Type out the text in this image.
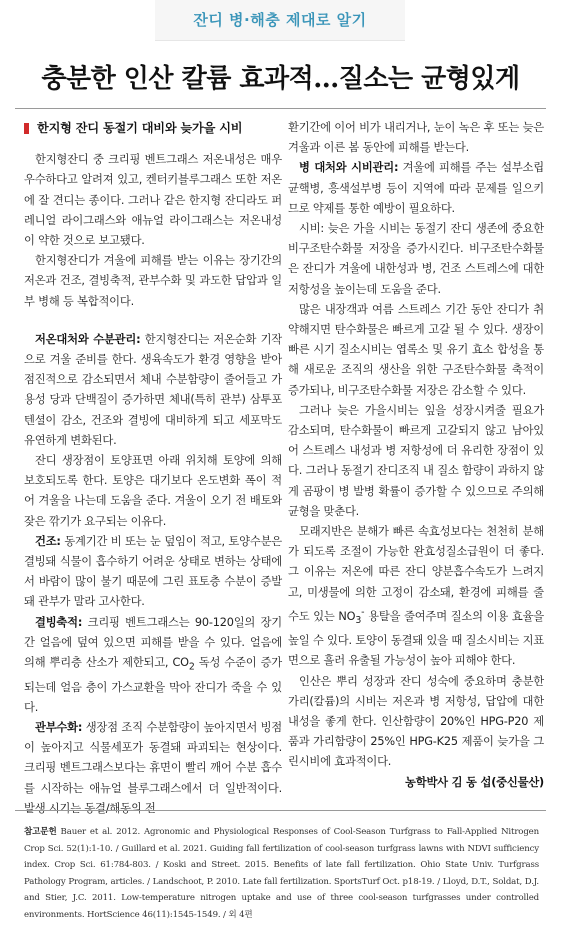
잔디 병·해충 제대로 알기
충분한 인산 칼륨 효과적…질소는 균형있게
한지형 잔디 동절기 대비와 늦가을 시비

한지형잔디 중 크리핑 벤트그래스 저온내성은 매우 우수하다고 알려져 있고, 켄터키블루그래스 또한 저온에 잘 견디는 종이다. 그러나 같은 한지형 잔디라도 퍼레니얼 라이그래스와 애뉴얼 라이그래스는 저온내성이 약한 것으로 보고됐다.

한지형잔디가 겨울에 피해를 받는 이유는 장기간의 저온과 건조, 결빙축적, 관부수화 및 과도한 답압과 일부 병해 등 복합적이다.

저온대처와 수분관리: 한지형잔디는 저온순화 기작으로 겨울 준비를 한다. 생육속도가 환경 영향을 받아 점진적으로 감소되면서 체내 수분함량이 줄어들고 가용성 당과 단백질이 증가하면 체내(특히 관부) 삼투포텐셜이 감소, 건조와 결빙에 대비하게 되고 세포막도 유연하게 변화된다.

잔디 생장점이 토양표면 아래 위치해 토양에 의해 보호되도록 한다. 토양은 대기보다 온도변화 폭이 적어 겨울을 나는데 도움을 준다. 겨울이 오기 전 배토와 잦은 깎기가 요구되는 이유다.

건조: 동계기간 비 또는 눈 덮임이 적고, 토양수분은 결빙돼 식물이 흡수하기 어려운 상태로 변하는 상태에서 바람이 많이 불기 때문에 그린 표토층 수분이 증발돼 관부가 말라 고사한다.

결빙축적: 크리핑 벤트그래스는 90-120일의 장기간 얼음에 덮여 있으면 피해를 받을 수 있다. 얼음에 의해 뿌리층 산소가 제한되고, $CO_2$ 독성 수준이 증가되는데 얼음 층이 가스교환을 막아 잔디가 죽을 수 있다.

관부수화: 생장점 조직 수분함량이 높아지면서 빙점이 높아지고 식물세포가 동결돼 파괴되는 현상이다. 크리핑 벤트그래스보다는 휴면이 빨리 깨어 수분 흡수를 시작하는 애뉴얼 블루그래스에서 더 일반적이다. 발생 시기는 동결/해동의 전

환기간에 이어 비가 내리거나, 눈이 녹은 후 또는 늦은 겨울과 이른 봄 동안에 피해를 받는다.

병 대처와 시비관리: 겨울에 피해를 주는 설부소립균핵병, 흥색설부병 등이 지역에 따라 문제를 일으키므로 약제를 통한 예방이 필요하다.

시비: 늦은 가을 시비는 동절기 잔디 생존에 중요한 비구조탄수화물 저장을 증가시킨다. 비구조탄수화물은 잔디가 겨울에 내한성과 병, 건조 스트레스에 대한 저항성을 높이는데 도움을 준다.

많은 내장객과 여름 스트레스 기간 동안 잔디가 취약해지면 탄수화물은 빠르게 고갈 될 수 있다. 생장이 빠른 시기 질소시비는 엽록소 및 유기 효소 합성을 통해 새로운 조직의 생산을 위한 구조탄수화물 축적이 증가되나, 비구조탄수화물 저장은 감소할 수 있다.

그러나 늦은 가을시비는 잎을 성장시켜줄 필요가 감소되며, 탄수화물이 빠르게 고갈되지 않고 남아있어 스트레스 내성과 병 저항성에 더 유리한 장점이 있다. 그러나 동절기 잔디조직 내 질소 함량이 과하지 않게 곰팡이 병 발병 확률이 증가할 수 있으므로 주의해 균형을 맞춘다.

모래지반은 분해가 빠른 속효성보다는 천천히 분해가 되도록 조절이 가능한 완효성질소급원이 더 좋다. 그 이유는 저온에 따른 잔디 양분흡수속도가 느려지고, 미생물에 의한 고정이 감소돼, 환경에 피해를 줄 수도 있는 $NO_3^-$ 용탈을 줄여주며 질소의 이용 효율을 높일 수 있다. 토양이 동결돼 있을 때 질소시비는 지표면으로 흘러 유출될 가능성이 높아 피해야 한다.

인산은 뿌리 성장과 잔디 성숙에 중요하며 충분한 가리(칼륨)의 시비는 저온과 병 저항성, 답압에 대한 내성을 좋게 한다. 인산함량이 20%인 HPG-P20 제품과 가리함량이 25%인 HPG-K25 제품이 늦가을 그린시비에 효과적이다.

농학박사 김 동 섭(중신물산)
참고문헌 Bauer et al. 2012. Agronomic and Physiological Responses of Cool-Season Turfgrass to Fall-Applied Nitrogen Crop Sci. 52(1):1-10. / Guillard et al. 2021. Guiding fall fertilization of cool-season turfgrass lawns with NDVI sufficiency index. Crop Sci. 61:784-803. / Koski and Street. 2015. Benefits of late fall fertilization. Ohio State Univ. Turfgrass Pathology Program, articles. / Landschoot, P. 2010. Late fall fertilization. SportsTurf Oct. p18-19. / Lloyd, D.T., Soldat, D.J. and Stier, J.C. 2011. Low-temperature nitrogen uptake and use of three cool-season turfgrasses under controlled environments. HortScience 46(11):1545-1549. / 외 4편
